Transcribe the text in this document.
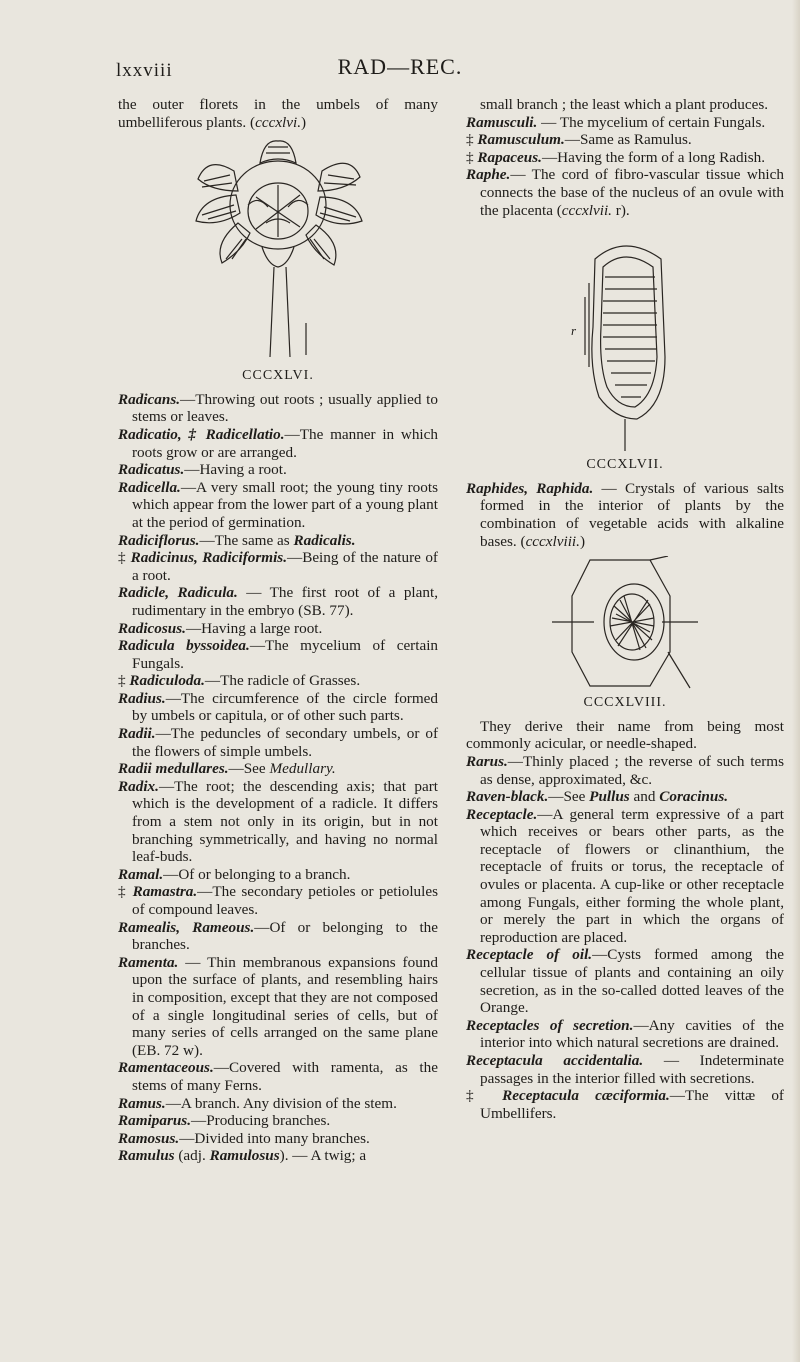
lxxviii	RAD—REC.

the outer florets in the umbels of many umbelliferous plants. (cccxlvi.)

CCCXLVI.

Radicans.—Throwing out roots ; usually applied to stems or leaves.

Radicatio, ‡ Radicellatio.—The manner in which roots grow or are arranged.

Radicatus.—Having a root.

Radicella.—A very small root; the young tiny roots which appear from the lower part of a young plant at the period of germination.

Radiciflorus.—The same as Radicalis.

‡ Radicinus, Radiciformis.—Being of the nature of a root.

Radicle, Radicula. — The first root of a plant, rudimentary in the embryo (SB. 77).

Radicosus.—Having a large root.

Radicula byssoidea.—The mycelium of certain Fungals.

‡ Radiculoda.—The radicle of Grasses.

Radius.—The circumference of the circle formed by umbels or capitula, or of other such parts.

Radii.—The peduncles of secondary umbels, or of the flowers of simple umbels.

Radii medullares.—See Medullary.

Radix.—The root; the descending axis; that part which is the development of a radicle. It differs from a stem not only in its origin, but in not branching symmetrically, and having no normal leaf-buds.

Ramal.—Of or belonging to a branch.

‡ Ramastra.—The secondary petioles or petiolules of compound leaves.

Ramealis, Rameous.—Of or belonging to the branches.

Ramenta. — Thin membranous expansions found upon the surface of plants, and resembling hairs in composition, except that they are not composed of a single longitudinal series of cells, but of many series of cells arranged on the same plane (EB. 72 w).

Ramentaceous.—Covered with ramenta, as the stems of many Ferns.

Ramus.—A branch. Any division of the stem.

Ramiparus.—Producing branches.

Ramosus.—Divided into many branches.

Ramulus (adj. Ramulosus). — A twig; a

small branch ; the least which a plant produces.

Ramusculi. — The mycelium of certain Fungals.

‡ Ramusculum.—Same as Ramulus.

‡ Rapaceus.—Having the form of a long Radish.

Raphe.— The cord of fibro-vascular tissue which connects the base of the nucleus of an ovule with the placenta (cccxlvii. r).

r
CCCXLVII.

Raphides, Raphida. — Crystals of various salts formed in the interior of plants by the combination of vegetable acids with alkaline bases. (cccxlviii.)

CCCXLVIII.

They derive their name from being most commonly acicular, or needle-shaped.

Rarus.—Thinly placed ; the reverse of such terms as dense, approximated, &c.

Raven-black.—See Pullus and Coracinus.

Receptacle.—A general term expressive of a part which receives or bears other parts, as the receptacle of flowers or clinanthium, the receptacle of fruits or torus, the receptacle of ovules or placenta. A cup-like or other receptacle among Fungals, either forming the whole plant, or merely the part in which the organs of reproduction are placed.

Receptacle of oil.—Cysts formed among the cellular tissue of plants and containing an oily secretion, as in the so-called dotted leaves of the Orange.

Receptacles of secretion.—Any cavities of the interior into which natural secretions are drained.

Receptacula accidentalia. — Indeterminate passages in the interior filled with secretions.

‡ Receptacula cæciformia.—The vittæ of Umbellifers.
